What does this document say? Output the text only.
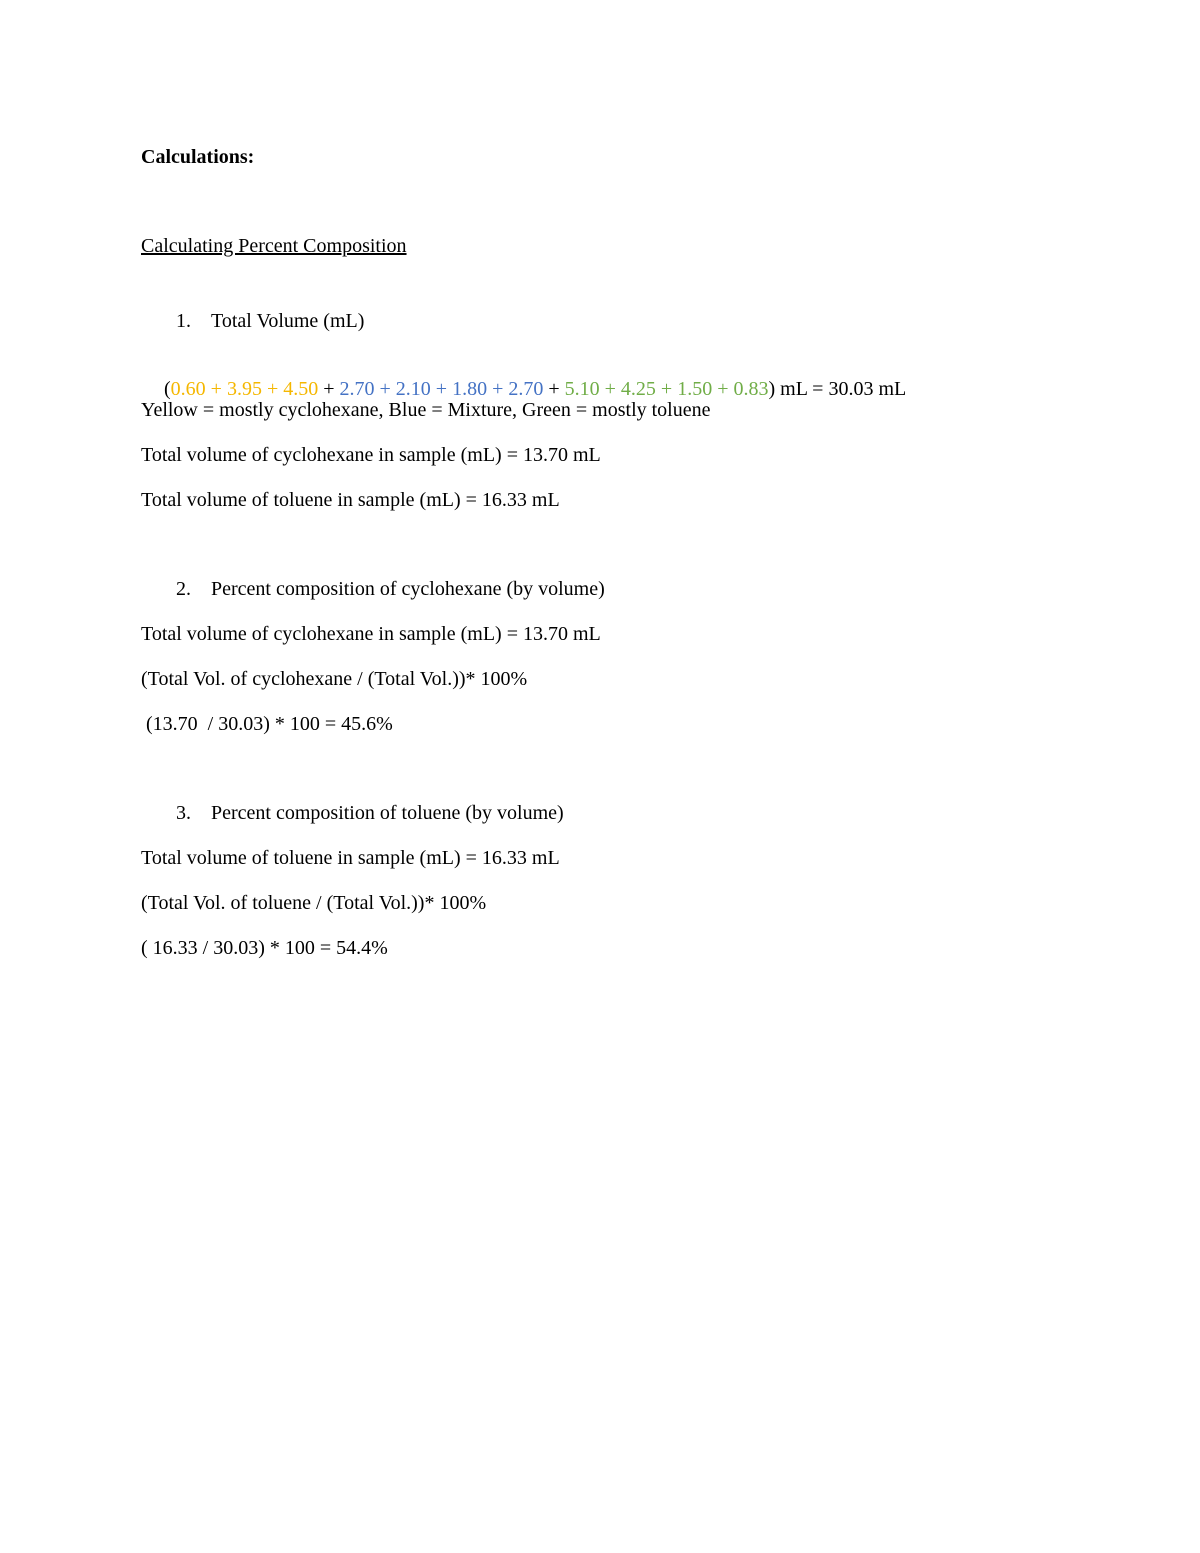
Calculations:
Calculating Percent Composition
1. Total Volume (mL)

(0.60 + 3.95 + 4.50 + 2.70 + 2.10 + 1.80 + 2.70 + 5.10 + 4.25 + 1.50 + 0.83) mL = 30.03 mL

Yellow = mostly cyclohexane, Blue = Mixture, Green = mostly toluene
Total volume of cyclohexane in sample (mL) = 13.70 mL
Total volume of toluene in sample (mL) = 16.33 mL
2. Percent composition of cyclohexane (by volume)
Total volume of cyclohexane in sample (mL) = 13.70 mL
(Total Vol. of cyclohexane / (Total Vol.))* 100%
(13.70  / 30.03) * 100 = 45.6%
3. Percent composition of toluene (by volume)
Total volume of toluene in sample (mL) = 16.33 mL
(Total Vol. of toluene / (Total Vol.))* 100%
( 16.33 / 30.03) * 100 = 54.4%
